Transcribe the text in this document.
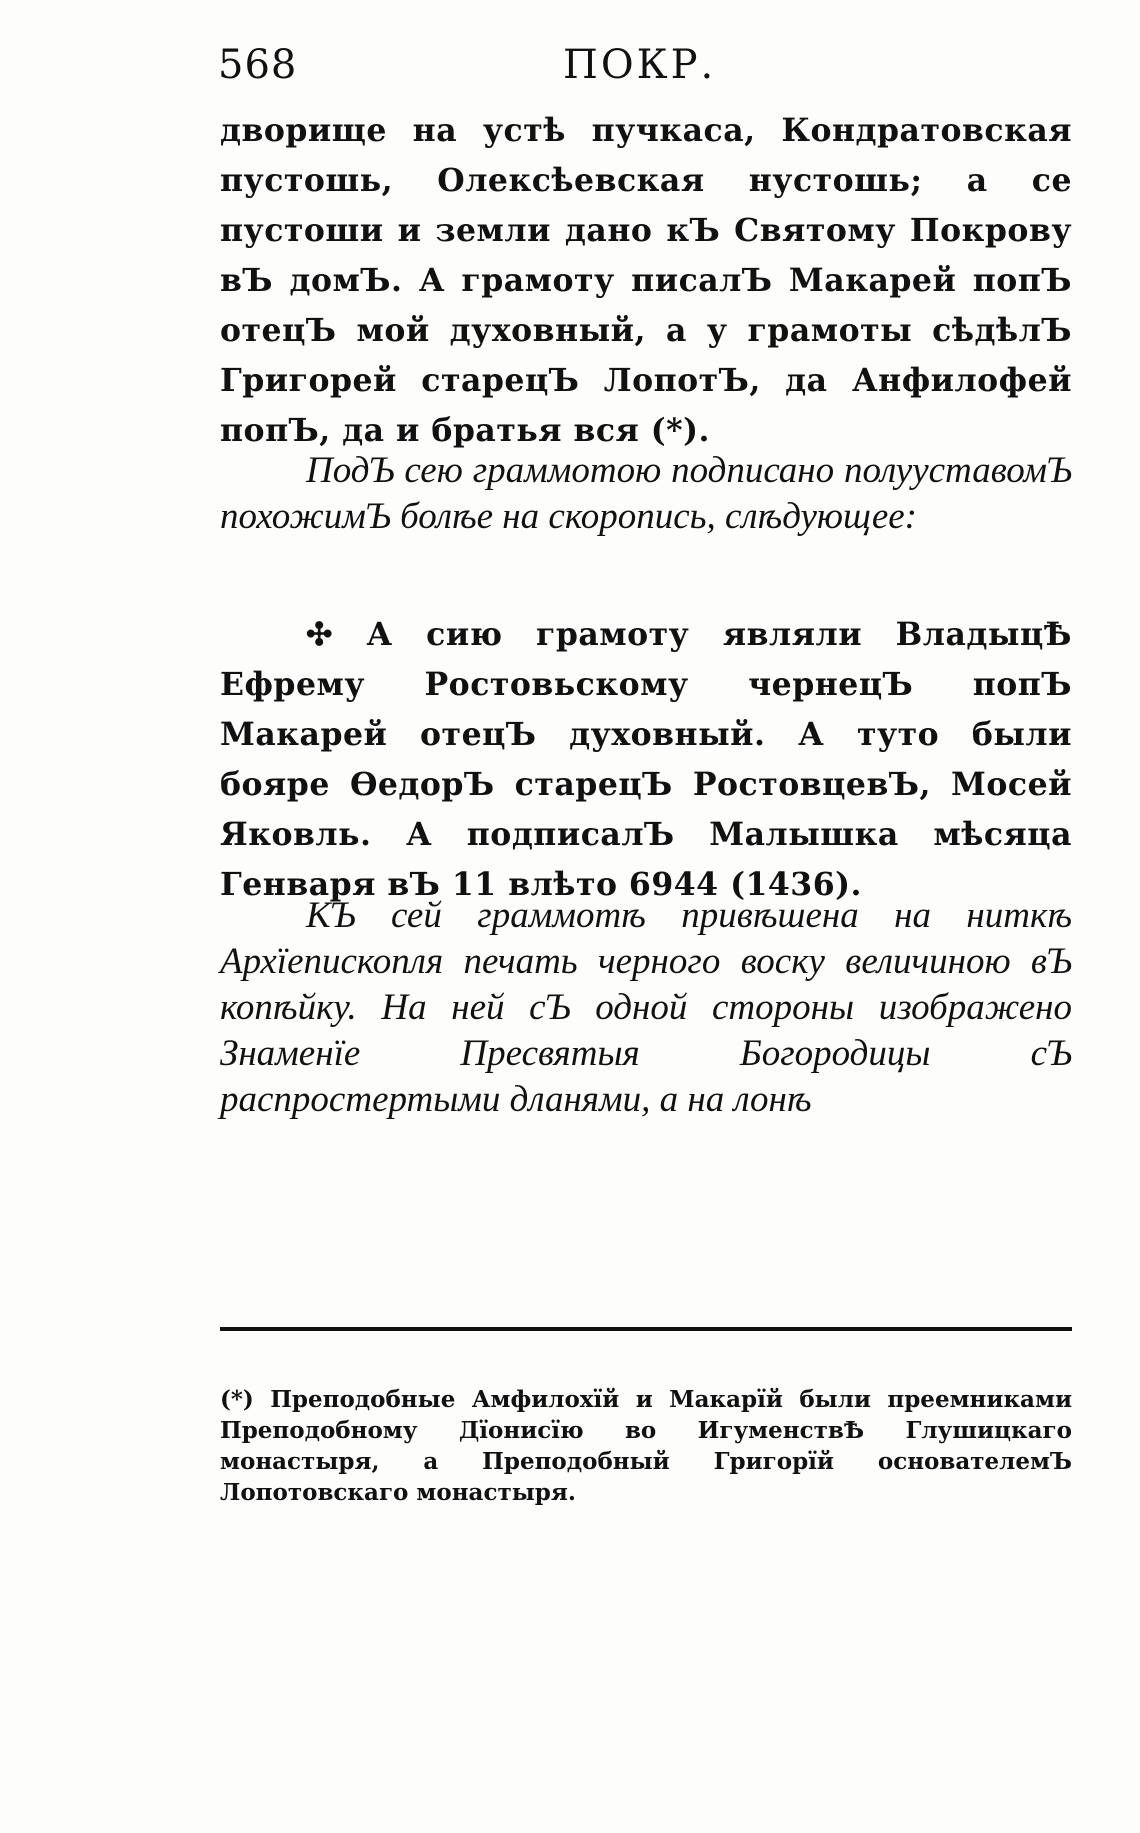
568	ПОКР.

дворище на устѣ пучкаса, Кондратовская пустошь, Олексѣевская нустошь; а се пустоши и земли дано кЪ Святому Покрову вЪ домЪ. А грамоту писалЪ Макарей попЪ отецЪ мой духовный, а у грамоты сѣдѣлЪ Григорей старецЪ ЛопотЪ, да Анфилофей попЪ, да и братья вся (*).

ПодЪ сею граммотою подписано полууставомЪ похожимЪ болѣе на скоропись, слѣдующее:

✣ А сию грамоту являли ВладыцѢ Ефрему Ростовьскому чернецЪ попЪ Макарей отецЪ духовный. А туто были бояре ѲедорЪ старецЪ РостовцевЪ, Мосей Яковль. А подписалЪ Малышка мѣсяца Генваря вЪ 11 влѣто 6944 (1436).

КЪ сей граммотѣ привѣшена на ниткѣ Архїепископля печать черного воску величиною вЪ копѣйку. На ней сЪ одной стороны изображено Знаменїе Пресвятыя Богородицы сЪ распростертыми дланями, а на лонѣ

(*) Преподобные Амфилохїй и Макарїй были преемниками Преподобному Дїонисїю во ИгуменствѢ Глушицкаго монастыря, а Преподобный Григорїй основателемЪ Лопотовскаго монастыря.
